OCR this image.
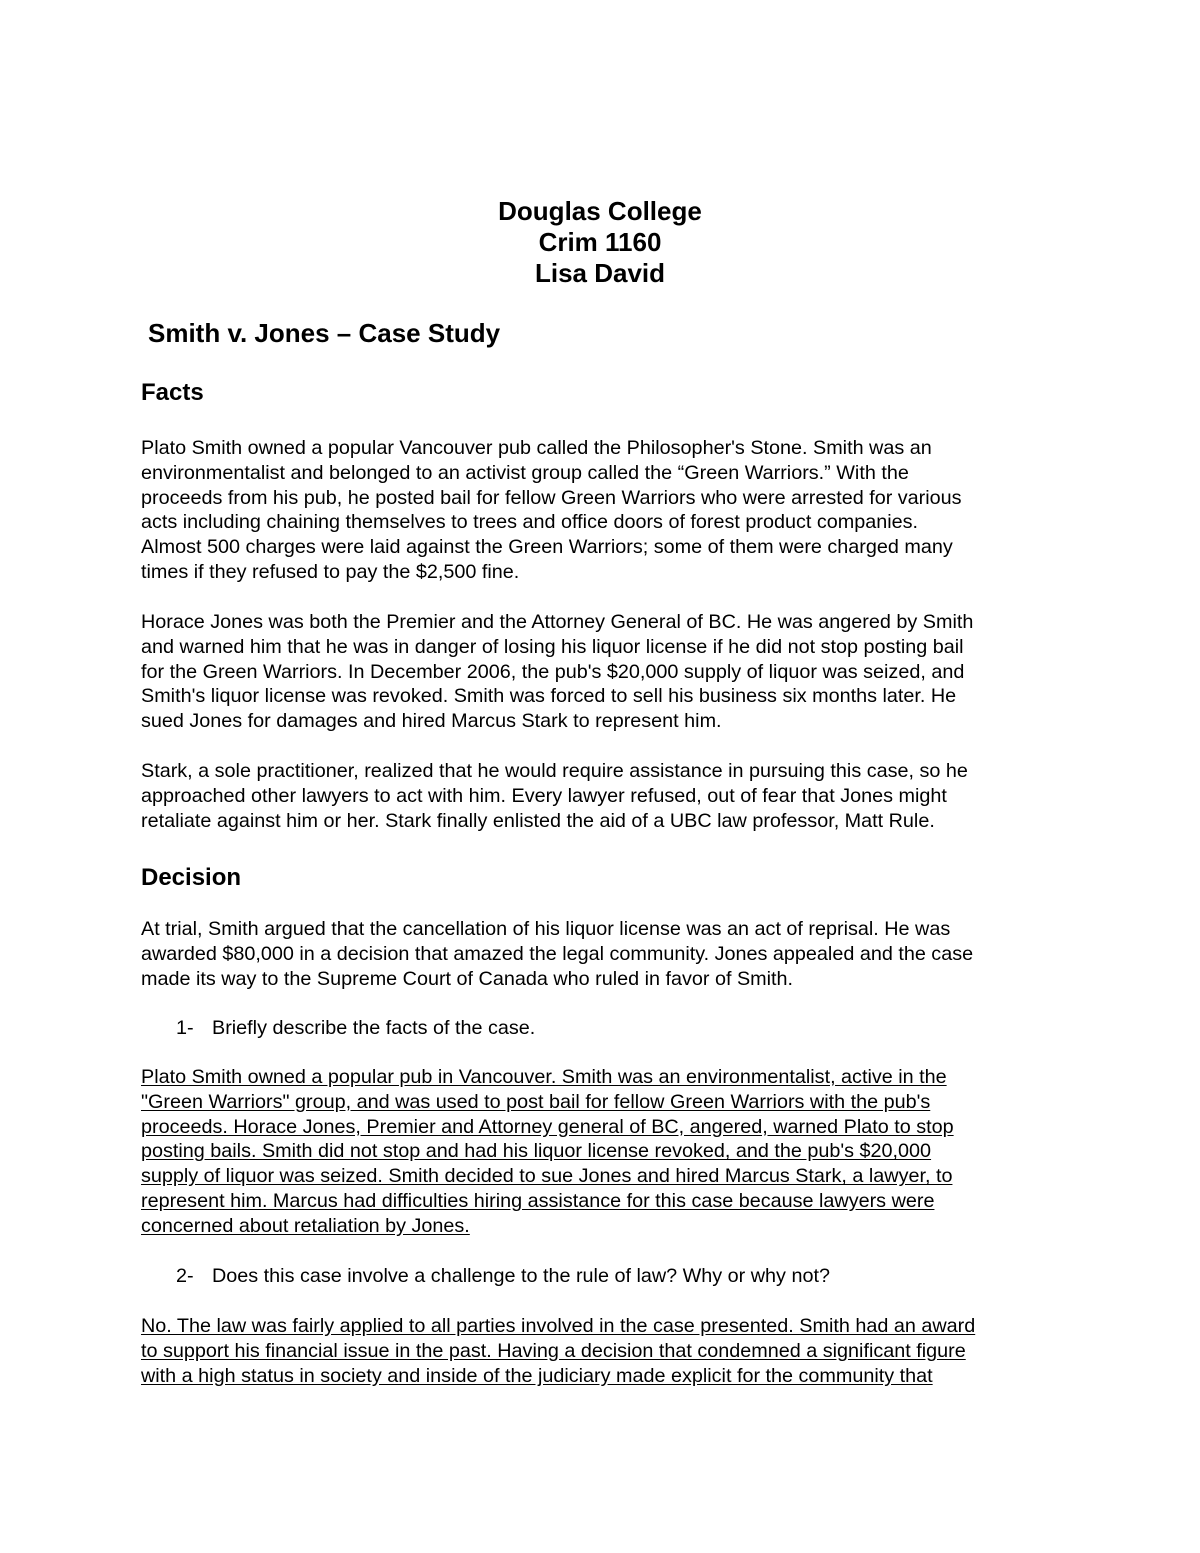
Douglas College
Crim 1160
Lisa David
Smith v. Jones – Case Study
Facts
Plato Smith owned a popular Vancouver pub called the Philosopher's Stone. Smith was an
environmentalist and belonged to an activist group called the “Green Warriors.” With the
proceeds from his pub, he posted bail for fellow Green Warriors who were arrested for various
acts including chaining themselves to trees and office doors of forest product companies.
Almost 500 charges were laid against the Green Warriors; some of them were charged many
times if they refused to pay the $2,500 fine.
Horace Jones was both the Premier and the Attorney General of BC. He was angered by Smith
and warned him that he was in danger of losing his liquor license if he did not stop posting bail
for the Green Warriors. In December 2006, the pub's $20,000 supply of liquor was seized, and
Smith's liquor license was revoked. Smith was forced to sell his business six months later. He
sued Jones for damages and hired Marcus Stark to represent him.
Stark, a sole practitioner, realized that he would require assistance in pursuing this case, so he
approached other lawyers to act with him. Every lawyer refused, out of fear that Jones might
retaliate against him or her. Stark finally enlisted the aid of a UBC law professor, Matt Rule.
Decision
At trial, Smith argued that the cancellation of his liquor license was an act of reprisal. He was
awarded $80,000 in a decision that amazed the legal community. Jones appealed and the case
made its way to the Supreme Court of Canada who ruled in favor of Smith.
1- Briefly describe the facts of the case.
Plato Smith owned a popular pub in Vancouver. Smith was an environmentalist, active in the
"Green Warriors" group, and was used to post bail for fellow Green Warriors with the pub's
proceeds. Horace Jones, Premier and Attorney general of BC, angered, warned Plato to stop
posting bails. Smith did not stop and had his liquor license revoked, and the pub's $20,000
supply of liquor was seized. Smith decided to sue Jones and hired Marcus Stark, a lawyer, to
represent him. Marcus had difficulties hiring assistance for this case because lawyers were
concerned about retaliation by Jones.
2- Does this case involve a challenge to the rule of law? Why or why not?
No. The law was fairly applied to all parties involved in the case presented. Smith had an award
to support his financial issue in the past. Having a decision that condemned a significant figure
with a high status in society and inside of the judiciary made explicit for the community that
